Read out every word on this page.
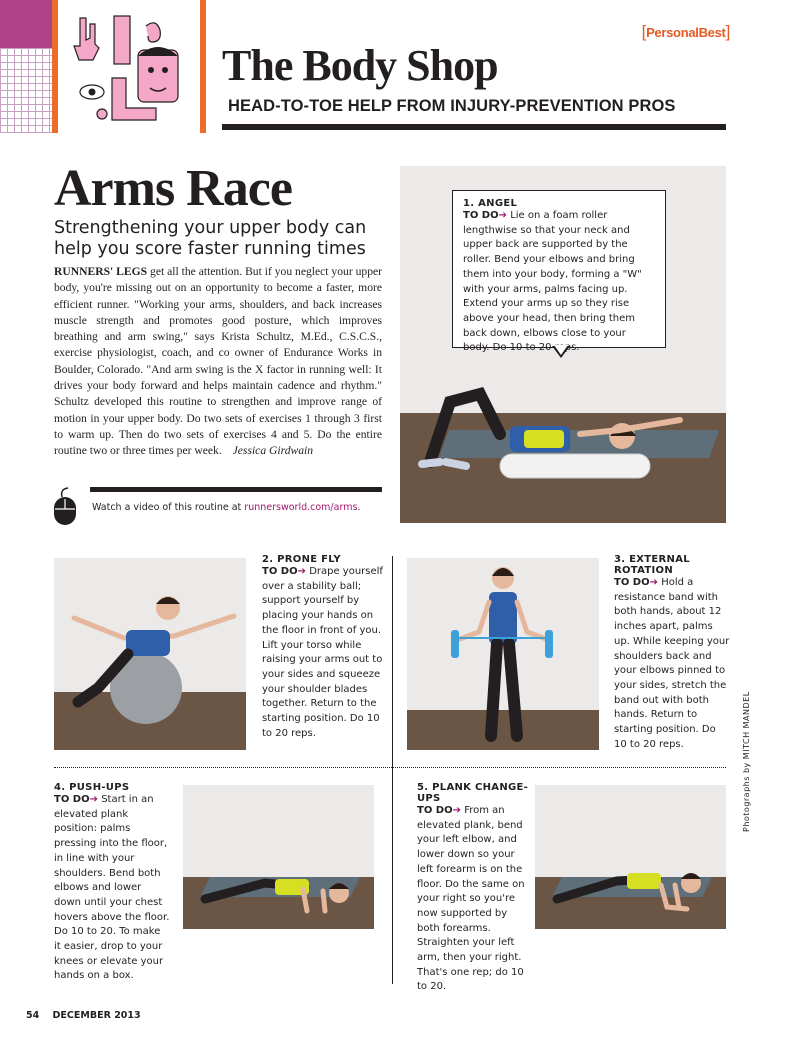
[PersonalBest]
The Body Shop
HEAD-TO-TOE HELP FROM INJURY-PREVENTION PROS
Arms Race
Strengthening your upper body can help you score faster running times
RUNNERS' LEGS get all the attention. But if you neglect your upper body, you're missing out on an opportunity to become a faster, more efficient runner. "Working your arms, shoulders, and back increases muscle strength and promotes good posture, which improves breathing and arm swing," says Krista Schultz, M.Ed., C.S.C.S., exercise physiologist, coach, and co owner of Endurance Works in Boulder, Colorado. "And arm swing is the X factor in running well: It drives your body forward and helps maintain cadence and rhythm." Schultz developed this routine to strengthen and improve range of motion in your upper body. Do two sets of exercises 1 through 3 first to warm up. Then do two sets of exercises 4 and 5. Do the entire routine two or three times per week. Jessica Girdwain
Watch a video of this routine at runnersworld.com/arms.
1. ANGEL
TO DO➔ Lie on a foam roller lengthwise so that your neck and upper back are supported by the roller. Bend your elbows and bring them into your body, forming a "W" with your arms, palms facing up. Extend your arms up so they rise above your head, then bring them back down, elbows close to your body. Do 10 to 20 reps.
2. PRONE FLY
TO DO➔ Drape yourself over a stability ball; support yourself by placing your hands on the floor in front of you. Lift your torso while raising your arms out to your sides and squeeze your shoulder blades together. Return to the starting position. Do 10 to 20 reps.
3. EXTERNAL ROTATION
TO DO➔ Hold a resistance band with both hands, about 12 inches apart, palms up. While keeping your shoulders back and your elbows pinned to your sides, stretch the band out with both hands. Return to starting position. Do 10 to 20 reps.
4. PUSH-UPS
TO DO➔ Start in an elevated plank position: palms pressing into the floor, in line with your shoulders. Bend both elbows and lower down until your chest hovers above the floor. Do 10 to 20. To make it easier, drop to your knees or elevate your hands on a box.
5. PLANK CHANGE-UPS
TO DO➔ From an elevated plank, bend your left elbow, and lower down so your left forearm is on the floor. Do the same on your right so you're now supported by both forearms. Straighten your left arm, then your right. That's one rep; do 10 to 20.
54 DECEMBER 2013
Photographs by MITCH MANDEL
